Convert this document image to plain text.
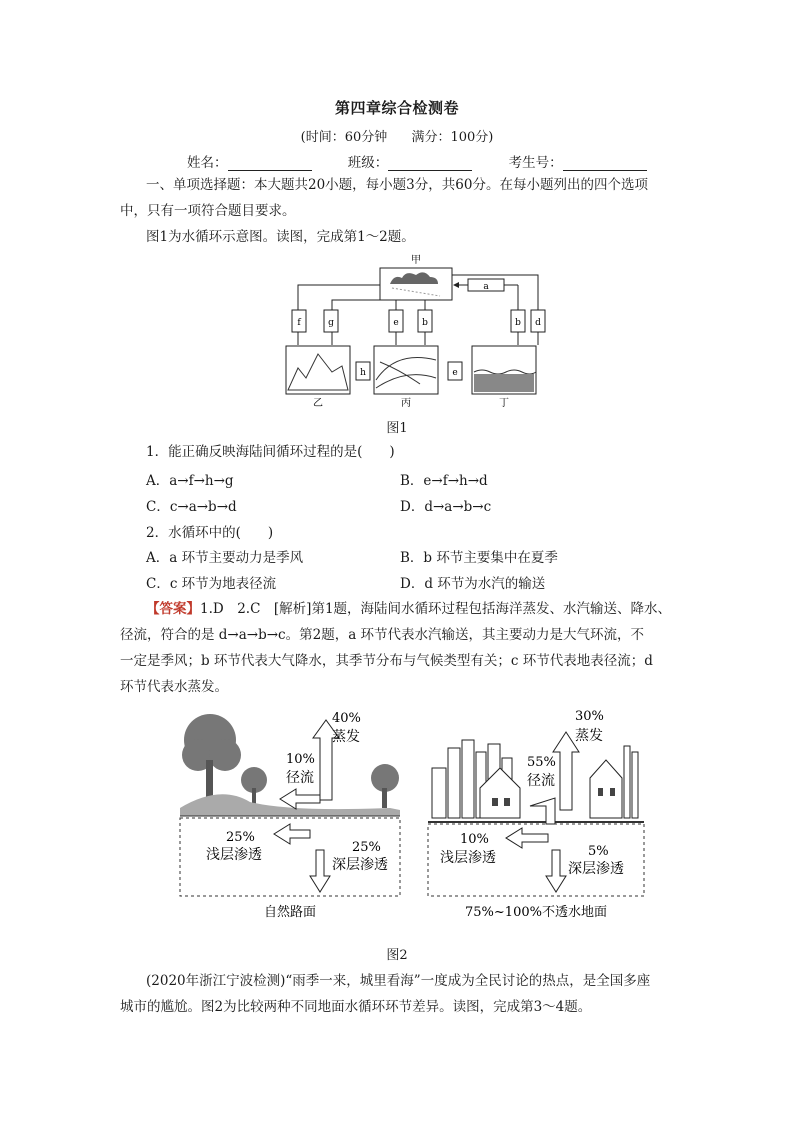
第四章综合检测卷
(时间：60分钟 满分：100分)
姓名：	班级：	考生号：
一、单项选择题：本大题共20小题，每小题3分，共60分。在每小题列出的四个选项
中，只有一项符合题目要求。
图1为水循环示意图。读图，完成第1～2题。
甲
a
f	g	e	b	b d
h	e
乙	丙	丁
图1
1．能正确反映海陆间循环过程的是(　　)
A．a→f→h→g	B．e→f→h→d
C．c→a→b→d	D．d→a→b→c
2．水循环中的(　　)
A．a 环节主要动力是季风	B．b 环节主要集中在夏季
C．c 环节为地表径流	D．d 环节为水汽的输送
【答案】1.D　2.C　[解析]第1题，海陆间水循环过程包括海洋蒸发、水汽输送、降水、
径流，符合的是 d→a→b→c。第2题，a 环节代表水汽输送，其主要动力是大气环流，不
一定是季风；b 环节代表大气降水，其季节分布与气候类型有关；c 环节代表地表径流；d
环节代表水蒸发。
40%
蒸发
10%
径流
25%
浅层渗透	25%
深层渗透
自然路面
30%
蒸发
55%
径流
10%
浅层渗透	5%
深层渗透
75%~100%不透水地面
图2
(2020年浙江宁波检测)“雨季一来，城里看海”一度成为全民讨论的热点，是全国多座
城市的尴尬。图2为比较两种不同地面水循环环节差异。读图，完成第3～4题。
